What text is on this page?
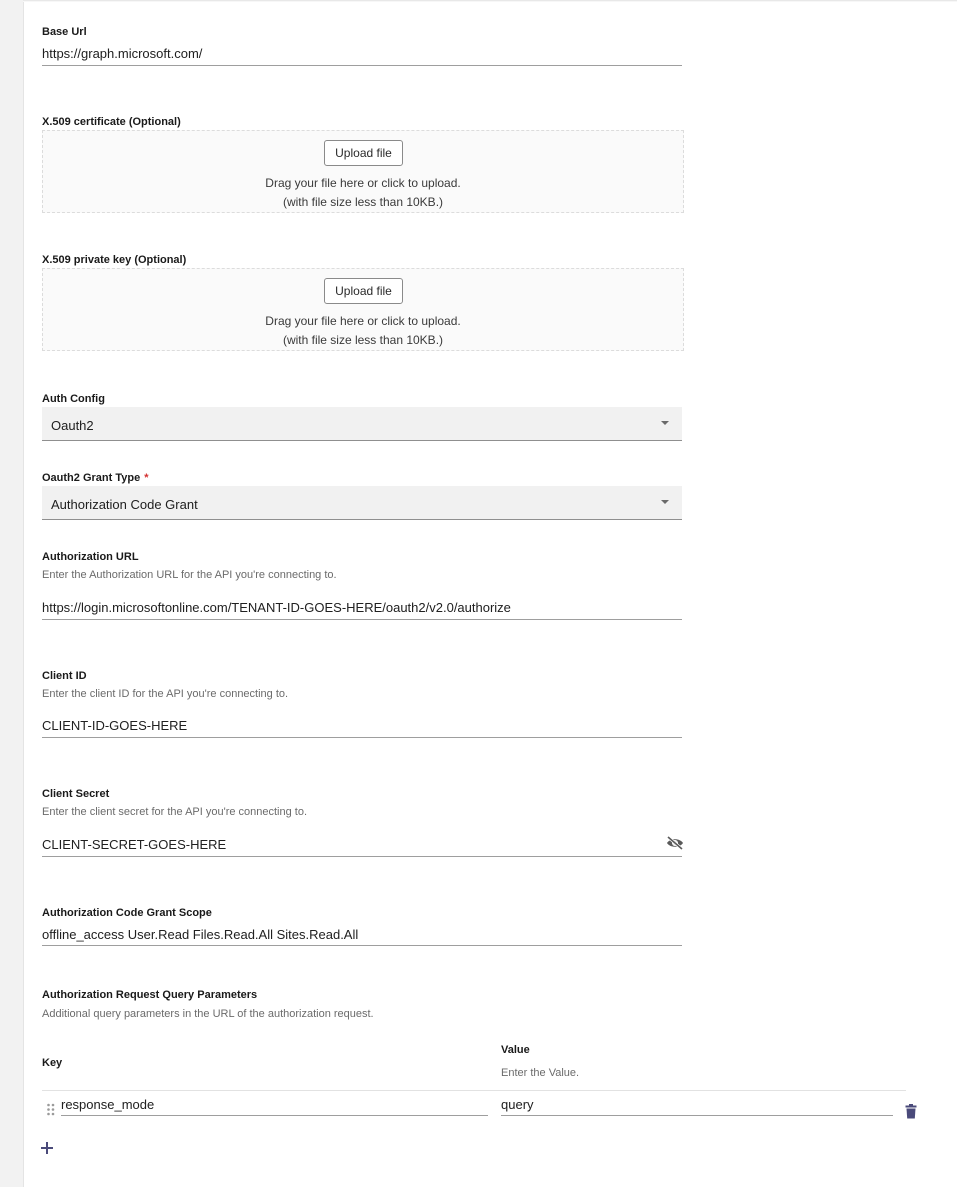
Base Url
https://graph.microsoft.com/
X.509 certificate (Optional)
Upload file
Drag your file here or click to upload.
(with file size less than 10KB.)
X.509 private key (Optional)
Upload file
Drag your file here or click to upload.
(with file size less than 10KB.)
Auth Config
Oauth2
Oauth2 Grant Type *
Authorization Code Grant
Authorization URL
Enter the Authorization URL for the API you're connecting to.
https://login.microsoftonline.com/TENANT-ID-GOES-HERE/oauth2/v2.0/authorize
Client ID
Enter the client ID for the API you're connecting to.
CLIENT-ID-GOES-HERE
Client Secret
Enter the client secret for the API you're connecting to.
CLIENT-SECRET-GOES-HERE
Authorization Code Grant Scope
offline_access User.Read Files.Read.All Sites.Read.All
Authorization Request Query Parameters
Additional query parameters in the URL of the authorization request.
Key
Value
Enter the Value.
response_mode	query
